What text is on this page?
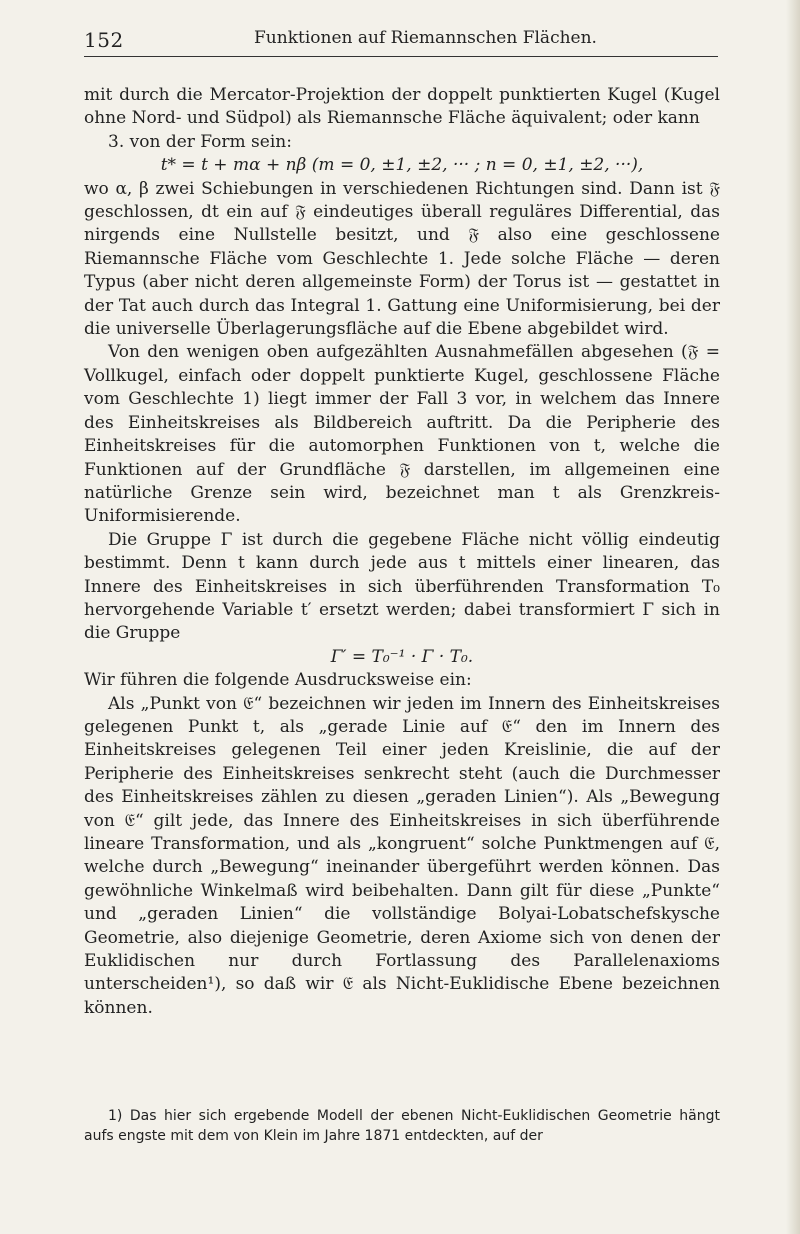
152	Funktionen auf Riemannschen Flächen.

mit durch die Mercator-Projektion der doppelt punktierten Kugel (Kugel ohne Nord- und Südpol) als Riemannsche Fläche äquivalent; oder kann

3. von der Form sein:

t* = t + mα + nβ (m = 0, ±1, ±2, ··· ; n = 0, ±1, ±2, ···),

wo α, β zwei Schiebungen in verschiedenen Richtungen sind. Dann ist 𝔉 geschlossen, dt ein auf 𝔉 eindeutiges überall reguläres Differential, das nirgends eine Nullstelle besitzt, und 𝔉 also eine geschlossene Riemannsche Fläche vom Geschlechte 1. Jede solche Fläche — deren Typus (aber nicht deren allgemeinste Form) der Torus ist — gestattet in der Tat auch durch das Integral 1. Gattung eine Uniformisierung, bei der die universelle Überlagerungsfläche auf die Ebene abgebildet wird.

Von den wenigen oben aufgezählten Ausnahmefällen abgesehen (𝔉 = Vollkugel, einfach oder doppelt punktierte Kugel, geschlossene Fläche vom Geschlechte 1) liegt immer der Fall 3 vor, in welchem das Innere des Einheitskreises als Bildbereich auftritt. Da die Peripherie des Einheitskreises für die automorphen Funktionen von t, welche die Funktionen auf der Grundfläche 𝔉 darstellen, im allgemeinen eine natürliche Grenze sein wird, bezeichnet man t als Grenzkreis-Uniformisierende.

Die Gruppe Γ ist durch die gegebene Fläche nicht völlig eindeutig bestimmt. Denn t kann durch jede aus t mittels einer linearen, das Innere des Einheitskreises in sich überführenden Transformation T₀ hervorgehende Variable t′ ersetzt werden; dabei transformiert Γ sich in die Gruppe

Γ′ = T₀⁻¹ · Γ · T₀.

Wir führen die folgende Ausdrucksweise ein:

Als „Punkt von 𝔈“ bezeichnen wir jeden im Innern des Einheitskreises gelegenen Punkt t, als „gerade Linie auf 𝔈“ den im Innern des Einheitskreises gelegenen Teil einer jeden Kreislinie, die auf der Peripherie des Einheitskreises senkrecht steht (auch die Durchmesser des Einheitskreises zählen zu diesen „geraden Linien“). Als „Bewegung von 𝔈“ gilt jede, das Innere des Einheitskreises in sich überführende lineare Transformation, und als „kongruent“ solche Punktmengen auf 𝔈, welche durch „Bewegung“ ineinander übergeführt werden können. Das gewöhnliche Winkelmaß wird beibehalten. Dann gilt für diese „Punkte“ und „geraden Linien“ die vollständige Bolyai-Lobatschefskysche Geometrie, also diejenige Geometrie, deren Axiome sich von denen der Euklidischen nur durch Fortlassung des Parallelenaxioms unterscheiden¹), so daß wir 𝔈 als Nicht-Euklidische Ebene bezeichnen können.

1) Das hier sich ergebende Modell der ebenen Nicht-Euklidischen Geometrie hängt aufs engste mit dem von Klein im Jahre 1871 entdeckten, auf der
